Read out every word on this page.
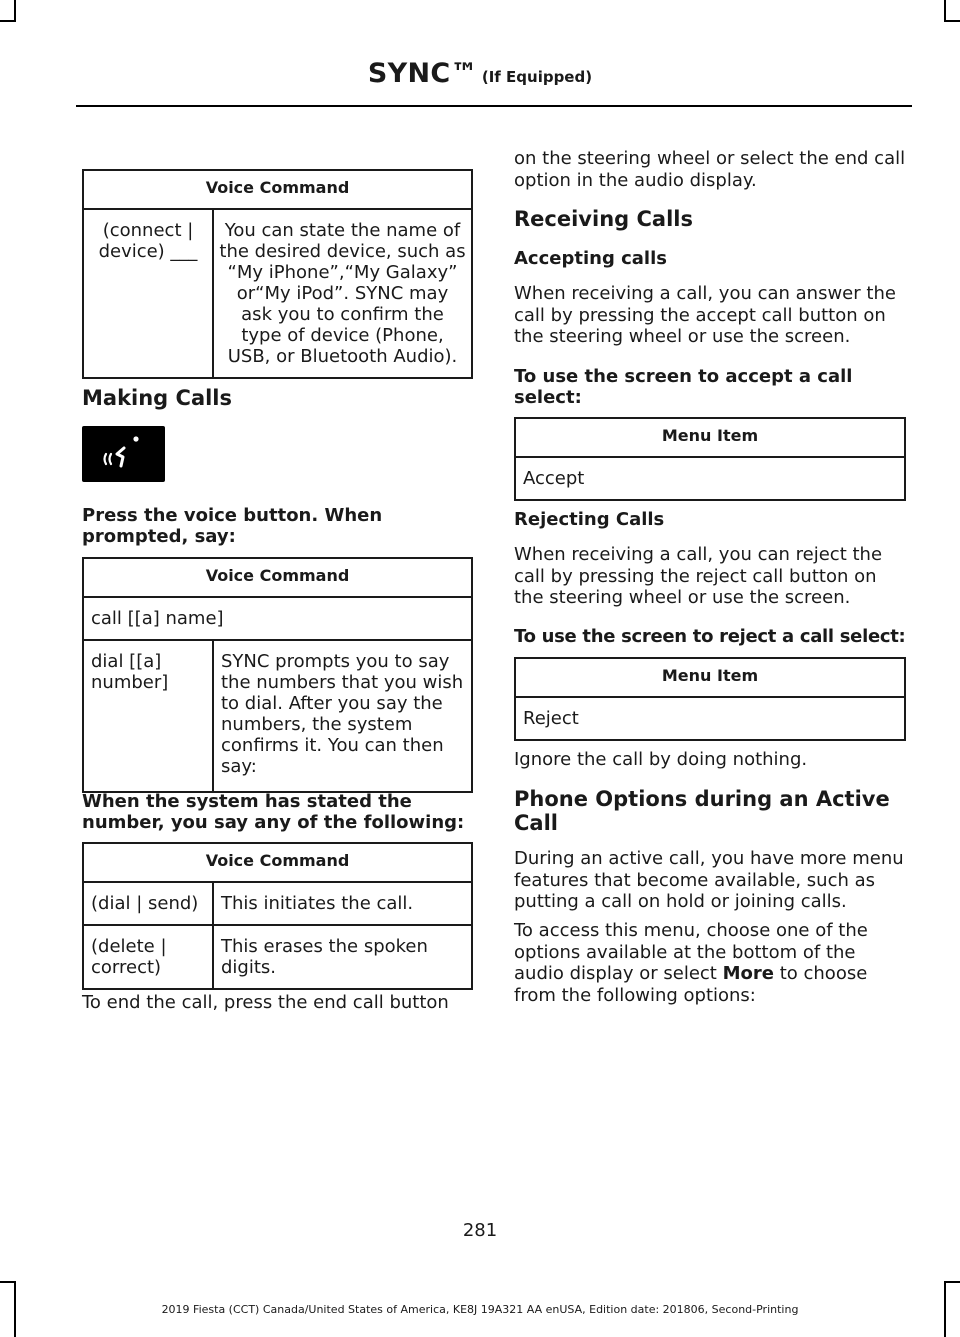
SYNC™ (If Equipped)
Voice Command
(connect | device) ___	You can state the name of the desired device, such as “My iPhone”,“My Galaxy” or“My iPod”. SYNC may ask you to confirm the type of device (Phone, USB, or Bluetooth Audio).
Making Calls
Press the voice button. When prompted, say:
Voice Command
call [[a] name]
dial [[a] number]	SYNC prompts you to say the numbers that you wish to dial. After you say the numbers, the system confirms it. You can then say:
When the system has stated the number, you say any of the following:
Voice Command	
(dial | send)	This initiates the call.
(delete | correct)	This erases the spoken digits.
To end the call, press the end call button
on the steering wheel or select the end call option in the audio display.
Receiving Calls
Accepting calls
When receiving a call, you can answer the call by pressing the accept call button on the steering wheel or use the screen.
To use the screen to accept a call select:
Menu Item
Accept
Rejecting Calls
When receiving a call, you can reject the call by pressing the reject call button on the steering wheel or use the screen.
To use the screen to reject a call select:
Menu Item
Reject
Ignore the call by doing nothing.
Phone Options during an Active Call
During an active call, you have more menu features that become available, such as putting a call on hold or joining calls.
To access this menu, choose one of the options available at the bottom of the audio display or select More to choose from the following options:
281
2019 Fiesta (CCT) Canada/United States of America, KE8J 19A321 AA enUSA, Edition date: 201806, Second-Printing
